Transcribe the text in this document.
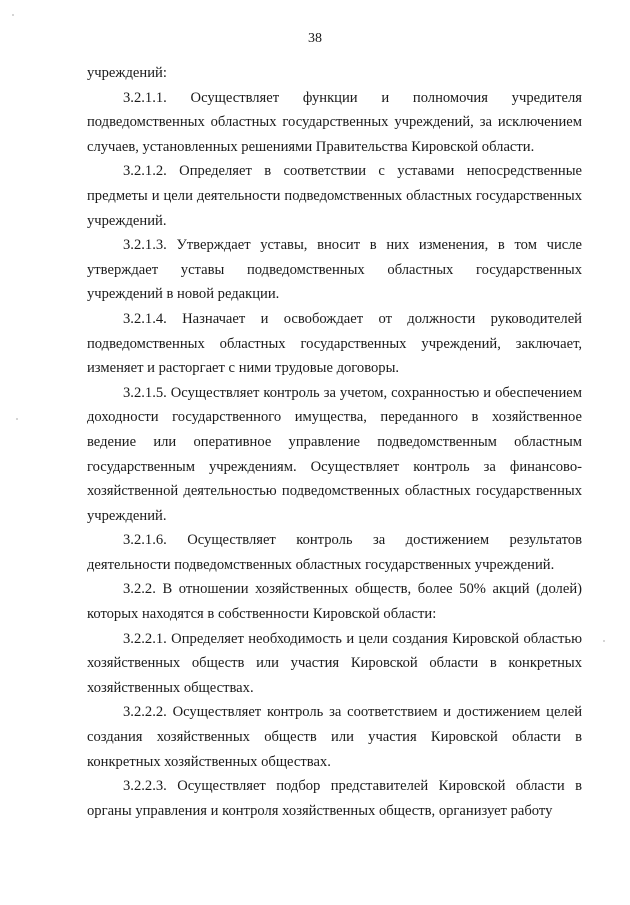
38

учреждений:

3.2.1.1. Осуществляет функции и полномочия учредителя подведомственных областных государственных учреждений, за исключением случаев, установленных решениями Правительства Кировской области.

3.2.1.2. Определяет в соответствии с уставами непосредственные предметы и цели деятельности подведомственных областных государственных учреждений.

3.2.1.3. Утверждает уставы, вносит в них изменения, в том числе утверждает уставы подведомственных областных государственных учреждений в новой редакции.

3.2.1.4. Назначает и освобождает от должности руководителей подведомственных областных государственных учреждений, заключает, изменяет и расторгает с ними трудовые договоры.

3.2.1.5. Осуществляет контроль за учетом, сохранностью и обеспечением доходности государственного имущества, переданного в хозяйственное ведение или оперативное управление подведомственным областным государственным учреждениям. Осуществляет контроль за финансово-хозяйственной деятельностью подведомственных областных государственных учреждений.

3.2.1.6. Осуществляет контроль за достижением результатов деятельности подведомственных областных государственных учреждений.

3.2.2. В отношении хозяйственных обществ, более 50% акций (долей) которых находятся в собственности Кировской области:

3.2.2.1. Определяет необходимость и цели создания Кировской областью хозяйственных обществ или участия Кировской области в конкретных хозяйственных обществах.

3.2.2.2. Осуществляет контроль за соответствием и достижением целей создания хозяйственных обществ или участия Кировской области в конкретных хозяйственных обществах.

3.2.2.3. Осуществляет подбор представителей Кировской области в органы управления и контроля хозяйственных обществ, организует работу
